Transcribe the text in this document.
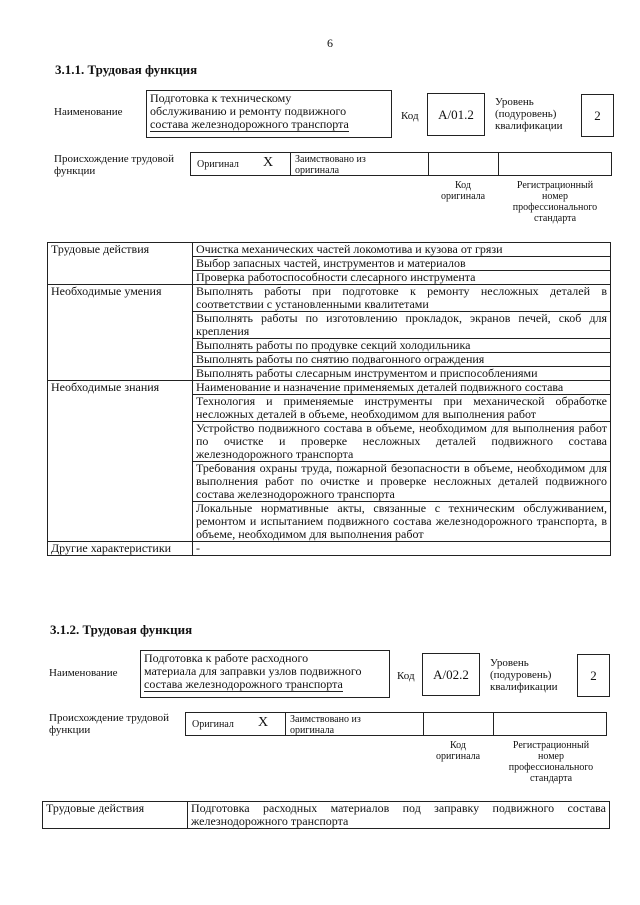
6
3.1.1. Трудовая функция
Наименование
Подготовка к техническому
обслуживанию и ремонту подвижного
состава железнодорожного транспорта
Код	А/01.2
Уровень
(подуровень)
квалификации
2
Происхождение трудовой
функции
Оригинал X Заимствовано из
оригинала
Код
оригинала
Регистрационный
номер
профессионального
стандарта
Трудовые действия	Очистка механических частей локомотива и кузова от грязи
	Выбор запасных частей, инструментов и материалов
	Проверка работоспособности слесарного инструмента
Необходимые умения	Выполнять работы при подготовке к ремонту несложных деталей в соответствии с установленными квалитетами
	Выполнять работы по изготовлению прокладок, экранов печей, скоб для крепления
	Выполнять работы по продувке секций холодильника
	Выполнять работы по снятию подвагонного ограждения
	Выполнять работы слесарным инструментом и приспособлениями
Необходимые знания	Наименование и назначение применяемых деталей подвижного состава
	Технология и применяемые инструменты при механической обработке несложных деталей в объеме, необходимом для выполнения работ
	Устройство подвижного состава в объеме, необходимом для выполнения работ по очистке и проверке несложных деталей подвижного состава железнодорожного транспорта
	Требования охраны труда, пожарной безопасности в объеме, необходимом для выполнения работ по очистке и проверке несложных деталей подвижного состава железнодорожного транспорта
	Локальные нормативные акты, связанные с техническим обслуживанием, ремонтом и испытанием подвижного состава железнодорожного транспорта, в объеме, необходимом для выполнения работ
Другие характеристики	-
3.1.2. Трудовая функция
Наименование
Подготовка к работе расходного
материала для заправки узлов подвижного
состава железнодорожного транспорта
Код	А/02.2
Уровень
(подуровень)
квалификации
2
Происхождение трудовой
функции	Оригинал X Заимствовано из
оригинала
Код
оригинала
Регистрационный
номер
профессионального
стандарта
Трудовые действия	Подготовка расходных материалов под заправку подвижного состава железнодорожного транспорта
